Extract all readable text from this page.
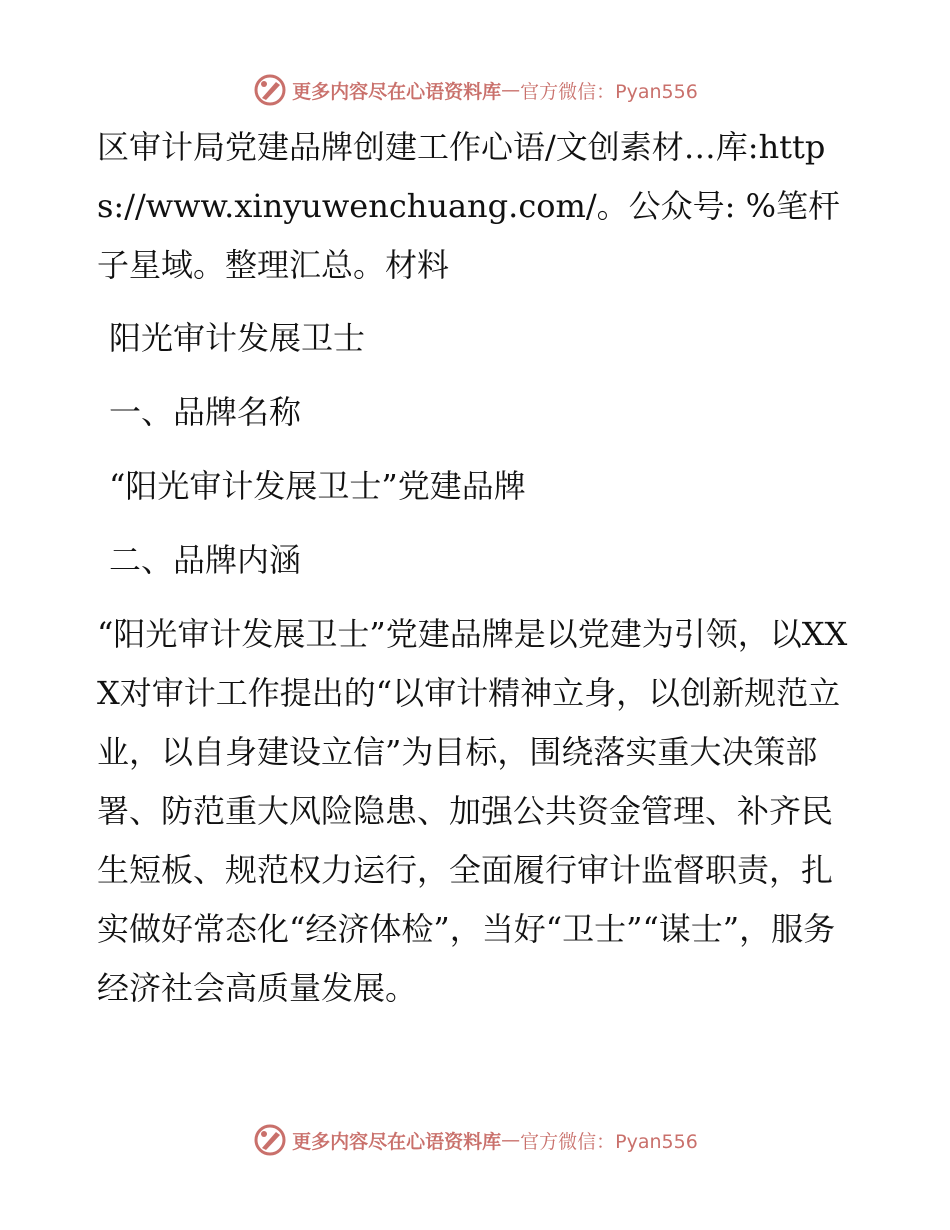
更多内容尽在心语资料库 — 官方微信：Pyan556

区审计局党建品牌创建工作心语/文创素材…库:https://www.xinyuwenchuang.com/。公众号: %笔杆子星域。整理汇总。材料

阳光审计发展卫士

一、品牌名称

“阳光审计发展卫士”党建品牌

二、品牌内涵

“阳光审计发展卫士”党建品牌是以党建为引领，以XXX对审计工作提出的“以审计精神立身，以创新规范立业，以自身建设立信”为目标，围绕落实重大决策部署、防范重大风险隐患、加强公共资金管理、补齐民生短板、规范权力运行，全面履行审计监督职责，扎实做好常态化“经济体检”，当好“卫士”“谋士”，服务经济社会高质量发展。

更多内容尽在心语资料库 — 官方微信：Pyan556
